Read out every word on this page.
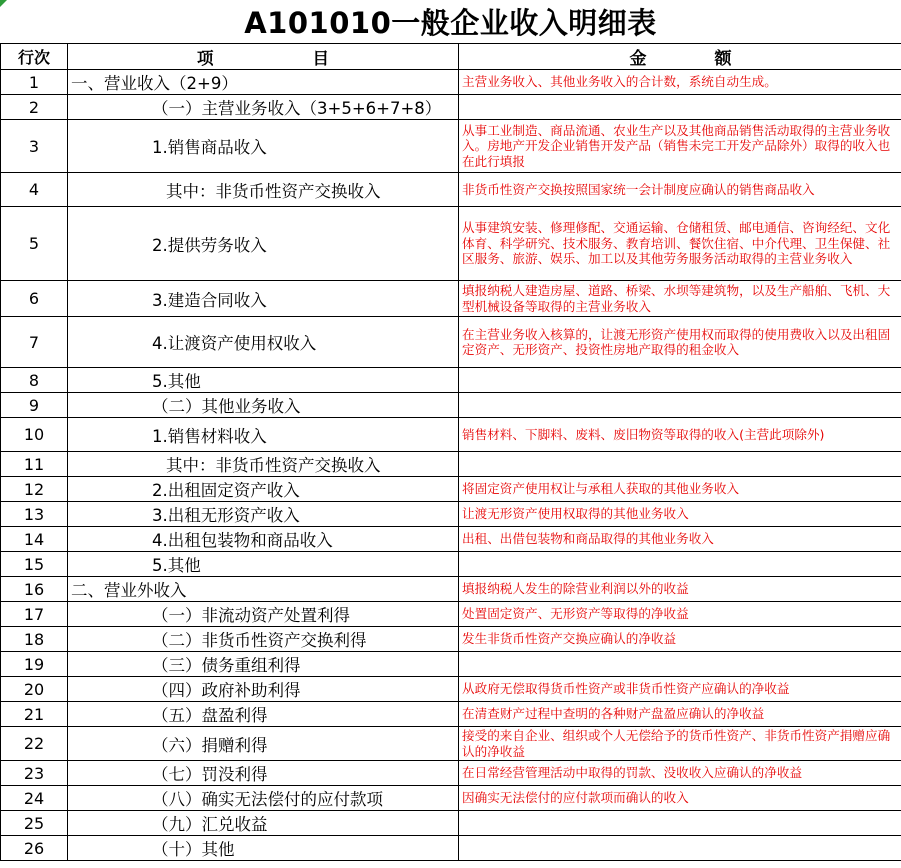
A101010一般企业收入明细表
行次	项　　　　　　目	金　　　　额
1	一、营业收入（2+9）	主营业务收入、其他业务收入的合计数，系统自动生成。
2	（一）主营业务收入（3+5+6+7+8）	
3	1.销售商品收入	从事工业制造、商品流通、农业生产以及其他商品销售活动取得的主营业务收入。房地产开发企业销售开发产品（销售未完工开发产品除外）取得的收入也在此行填报
4	其中：非货币性资产交换收入	非货币性资产交换按照国家统一会计制度应确认的销售商品收入
5	2.提供劳务收入	从事建筑安装、修理修配、交通运输、仓储租赁、邮电通信、咨询经纪、文化体育、科学研究、技术服务、教育培训、餐饮住宿、中介代理、卫生保健、社区服务、旅游、娱乐、加工以及其他劳务服务活动取得的主营业务收入
6	3.建造合同收入	填报纳税人建造房屋、道路、桥梁、水坝等建筑物，以及生产船舶、飞机、大型机械设备等取得的主营业务收入
7	4.让渡资产使用权收入	在主营业务收入核算的，让渡无形资产使用权而取得的使用费收入以及出租固定资产、无形资产、投资性房地产取得的租金收入
8	5.其他	
9	（二）其他业务收入	
10	1.销售材料收入	销售材料、下脚料、废料、废旧物资等取得的收入(主营此项除外)
11	其中：非货币性资产交换收入	
12	2.出租固定资产收入	将固定资产使用权让与承租人获取的其他业务收入
13	3.出租无形资产收入	让渡无形资产使用权取得的其他业务收入
14	4.出租包装物和商品收入	出租、出借包装物和商品取得的其他业务收入
15	5.其他	
16	二、营业外收入	填报纳税人发生的除营业利润以外的收益
17	（一）非流动资产处置利得	处置固定资产、无形资产等取得的净收益
18	（二）非货币性资产交换利得	发生非货币性资产交换应确认的净收益
19	（三）债务重组利得	
20	（四）政府补助利得	从政府无偿取得货币性资产或非货币性资产应确认的净收益
21	（五）盘盈利得	在清查财产过程中查明的各种财产盘盈应确认的净收益
22	（六）捐赠利得	接受的来自企业、组织或个人无偿给予的货币性资产、非货币性资产捐赠应确认的净收益
23	（七）罚没利得	在日常经营管理活动中取得的罚款、没收收入应确认的净收益
24	（八）确实无法偿付的应付款项	因确实无法偿付的应付款项而确认的收入
25	（九）汇兑收益	
26	（十）其他	
